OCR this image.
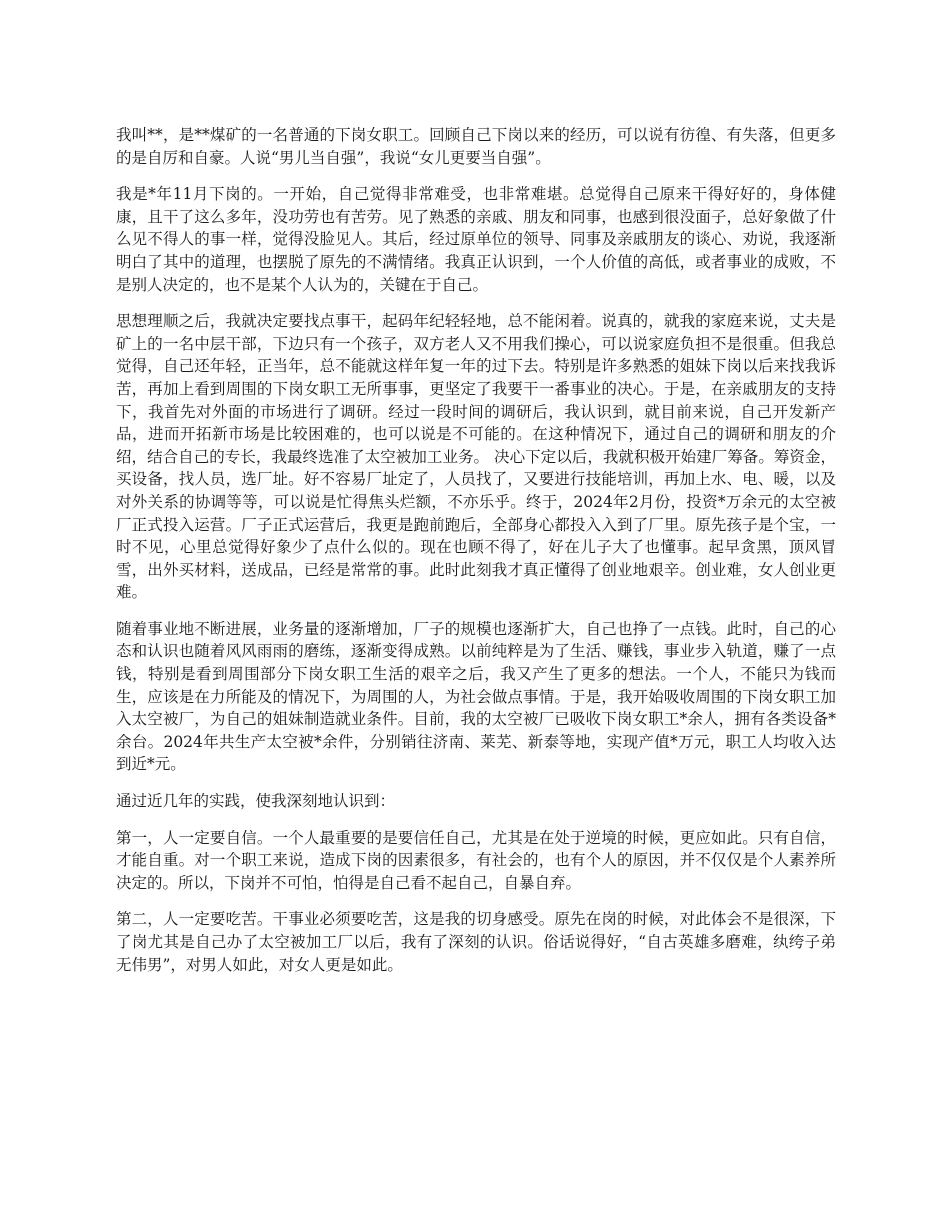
我叫**，是**煤矿的一名普通的下岗女职工。回顾自己下岗以来的经历，可以说有彷徨、有失落，但更多的是自厉和自豪。人说“男儿当自强”，我说“女儿更要当自强”。

我是*年11月下岗的。一开始，自己觉得非常难受，也非常难堪。总觉得自己原来干得好好的，身体健康，且干了这么多年，没功劳也有苦劳。见了熟悉的亲戚、朋友和同事，也感到很没面子，总好象做了什么见不得人的事一样，觉得没脸见人。其后，经过原单位的领导、同事及亲戚朋友的谈心、劝说，我逐渐明白了其中的道理，也摆脱了原先的不满情绪。我真正认识到，一个人价值的高低，或者事业的成败，不是别人决定的，也不是某个人认为的，关键在于自己。

思想理顺之后，我就决定要找点事干，起码年纪轻轻地，总不能闲着。说真的，就我的家庭来说，丈夫是矿上的一名中层干部，下边只有一个孩子，双方老人又不用我们操心，可以说家庭负担不是很重。但我总觉得，自己还年轻，正当年，总不能就这样年复一年的过下去。特别是许多熟悉的姐妹下岗以后来找我诉苦，再加上看到周围的下岗女职工无所事事，更坚定了我要干一番事业的决心。于是，在亲戚朋友的支持下，我首先对外面的市场进行了调研。经过一段时间的调研后，我认识到，就目前来说，自己开发新产品，进而开拓新市场是比较困难的，也可以说是不可能的。在这种情况下，通过自己的调研和朋友的介绍，结合自己的专长，我最终选准了太空被加工业务。 决心下定以后，我就积极开始建厂筹备。筹资金，买设备，找人员，选厂址。好不容易厂址定了，人员找了，又要进行技能培训，再加上水、电、暖，以及对外关系的协调等等，可以说是忙得焦头烂额，不亦乐乎。终于，2024年2月份，投资*万余元的太空被厂正式投入运营。厂子正式运营后，我更是跑前跑后，全部身心都投入入到了厂里。原先孩子是个宝，一时不见，心里总觉得好象少了点什么似的。现在也顾不得了，好在儿子大了也懂事。起早贪黑，顶风冒雪，出外买材料，送成品，已经是常常的事。此时此刻我才真正懂得了创业地艰辛。创业难，女人创业更难。

随着事业地不断进展，业务量的逐渐增加，厂子的规模也逐渐扩大，自己也挣了一点钱。此时，自己的心态和认识也随着风风雨雨的磨练，逐渐变得成熟。以前纯粹是为了生活、赚钱，事业步入轨道，赚了一点钱，特别是看到周围部分下岗女职工生活的艰辛之后，我又产生了更多的想法。一个人，不能只为钱而生，应该是在力所能及的情况下，为周围的人，为社会做点事情。于是，我开始吸收周围的下岗女职工加入太空被厂，为自己的姐妹制造就业条件。目前，我的太空被厂已吸收下岗女职工*余人，拥有各类设备*余台。2024年共生产太空被*余件，分别销往济南、莱芜、新泰等地，实现产值*万元，职工人均收入达到近*元。

通过近几年的实践，使我深刻地认识到：

第一，人一定要自信。一个人最重要的是要信任自己，尤其是在处于逆境的时候，更应如此。只有自信，才能自重。对一个职工来说，造成下岗的因素很多，有社会的，也有个人的原因，并不仅仅是个人素养所决定的。所以，下岗并不可怕，怕得是自己看不起自己，自暴自弃。

第二，人一定要吃苦。干事业必须要吃苦，这是我的切身感受。原先在岗的时候，对此体会不是很深，下了岗尤其是自己办了太空被加工厂以后，我有了深刻的认识。俗话说得好，“自古英雄多磨难，纨绔子弟无伟男”，对男人如此，对女人更是如此。
